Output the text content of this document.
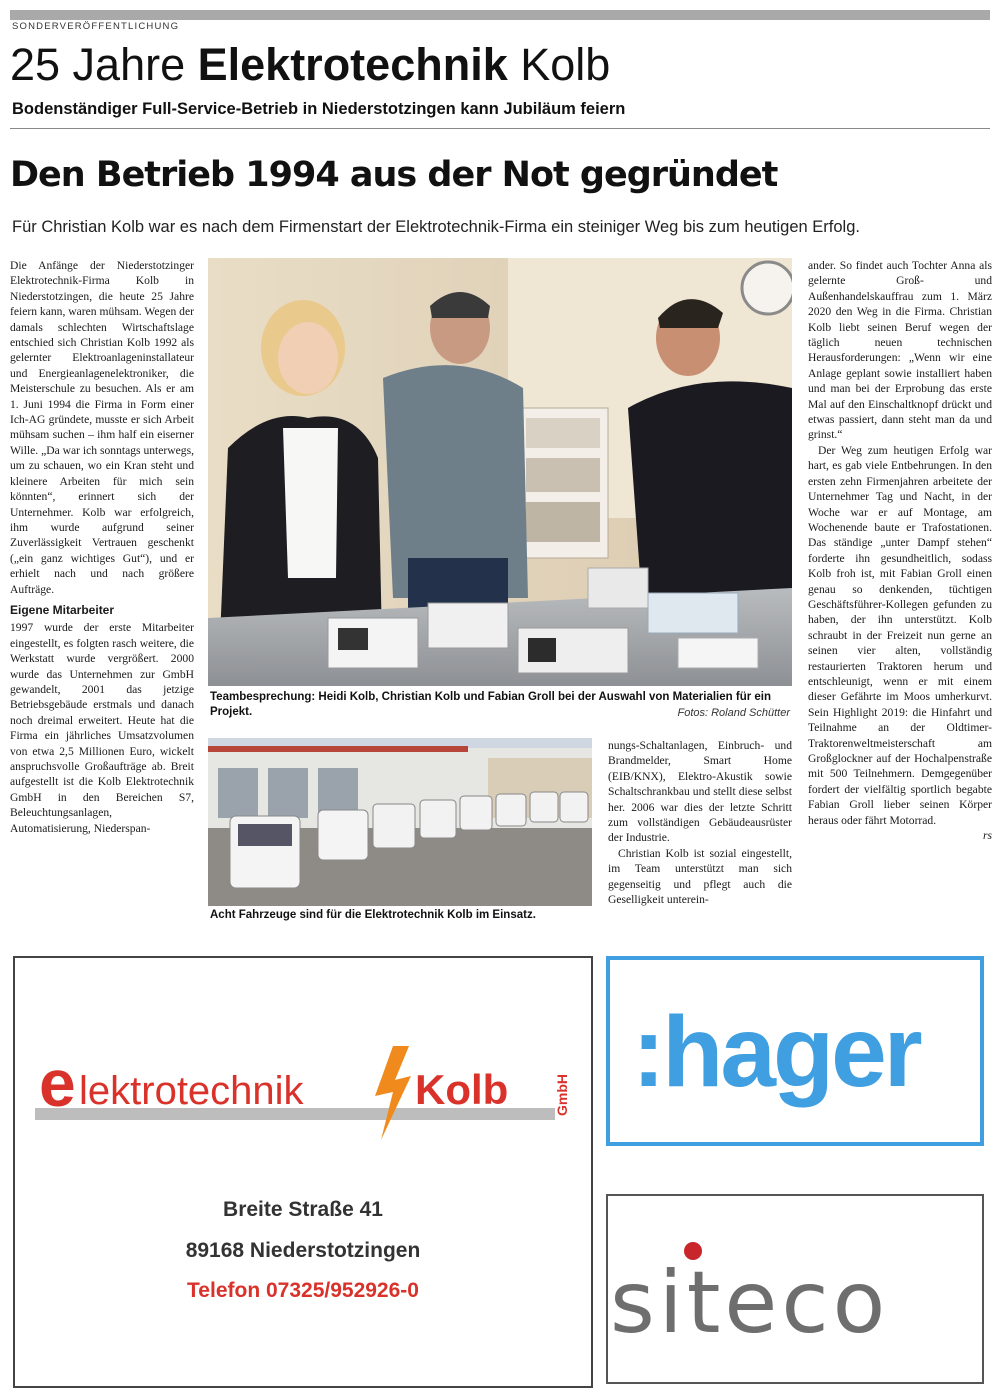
SONDERVERÖFFENTLICHUNG
25 Jahre Elektrotechnik Kolb
Bodenständiger Full-Service-Betrieb in Niederstotzingen kann Jubiläum feiern
Den Betrieb 1994 aus der Not gegründet
Für Christian Kolb war es nach dem Firmenstart der Elektrotechnik-Firma ein steiniger Weg bis zum heutigen Erfolg.

Die Anfänge der Niederstotzinger Elektrotechnik-Firma Kolb in Niederstotzingen, die heute 25 Jahre feiern kann, waren mühsam. Wegen der damals schlechten Wirtschaftslage entschied sich Christian Kolb 1992 als gelernter Elektroanlageninstallateur und Energieanlagenelektroniker, die Meisterschule zu besuchen. Als er am 1. Juni 1994 die Firma in Form einer Ich-AG gründete, musste er sich Arbeit mühsam suchen – ihm half ein eiserner Wille. „Da war ich sonntags unterwegs, um zu schauen, wo ein Kran steht und kleinere Arbeiten für mich sein könnten“, erinnert sich der Unternehmer. Kolb war erfolgreich, ihm wurde aufgrund seiner Zuverlässigkeit Vertrauen geschenkt („ein ganz wichtiges Gut“), und er erhielt nach und nach größere Aufträge.

Eigene Mitarbeiter

1997 wurde der erste Mitarbeiter eingestellt, es folgten rasch weitere, die Werkstatt wurde vergrößert. 2000 wurde das Unternehmen zur GmbH gewandelt, 2001 das jetzige Betriebsgebäude erstmals und danach noch dreimal erweitert. Heute hat die Firma ein jährliches Umsatzvolumen von etwa 2,5 Millionen Euro, wickelt anspruchsvolle Großaufträge ab. Breit aufgestellt ist die Kolb Elektrotechnik GmbH in den Bereichen S7, Beleuchtungsanlagen, Automatisierung, Niederspan-

Teambesprechung: Heidi Kolb, Christian Kolb und Fabian Groll bei der Auswahl von Materialien für ein Projekt.	Fotos: Roland Schütter
Acht Fahrzeuge sind für die Elektrotechnik Kolb im Einsatz.

nungs-Schaltanlagen, Einbruch- und Brandmelder, Smart Home (EIB/KNX), Elektro-Akustik sowie Schaltschrankbau und stellt diese selbst her. 2006 war dies der letzte Schritt zum vollständigen Gebäudeausrüster der Industrie.

Christian Kolb ist sozial eingestellt, im Team unterstützt man sich gegenseitig und pflegt auch die Geselligkeit unterein-

ander. So findet auch Tochter Anna als gelernte Groß- und Außenhandelskauffrau zum 1. März 2020 den Weg in die Firma. Christian Kolb liebt seinen Beruf wegen der täglich neuen technischen Herausforderungen: „Wenn wir eine Anlage geplant sowie installiert haben und man bei der Erprobung das erste Mal auf den Einschaltknopf drückt und etwas passiert, dann steht man da und grinst.“

Der Weg zum heutigen Erfolg war hart, es gab viele Entbehrungen. In den ersten zehn Firmenjahren arbeitete der Unternehmer Tag und Nacht, in der Woche war er auf Montage, am Wochenende baute er Trafostationen. Das ständige „unter Dampf stehen“ forderte ihn gesundheitlich, sodass Kolb froh ist, mit Fabian Groll einen genau so denkenden, tüchtigen Geschäftsführer-Kollegen gefunden zu haben, der ihn unterstützt. Kolb schraubt in der Freizeit nun gerne an seinen vier alten, vollständig restaurierten Traktoren herum und entschleunigt, wenn er mit einem dieser Gefährte im Moos umherkurvt. Sein Highlight 2019: die Hinfahrt und Teilnahme an der Oldtimer-Traktorenweltmeisterschaft am Großglockner auf der Hochalpenstraße mit 500 Teilnehmern. Demgegenüber fordert der vielfältig sportlich begabte Fabian Groll lieber seinen Körper heraus oder fährt Motorrad.

rs

e lektrotechnik	Kolb	GmbH
Breite Straße 41
89168 Niederstotzingen
Telefon 07325/952926-0
:hager
siteco
